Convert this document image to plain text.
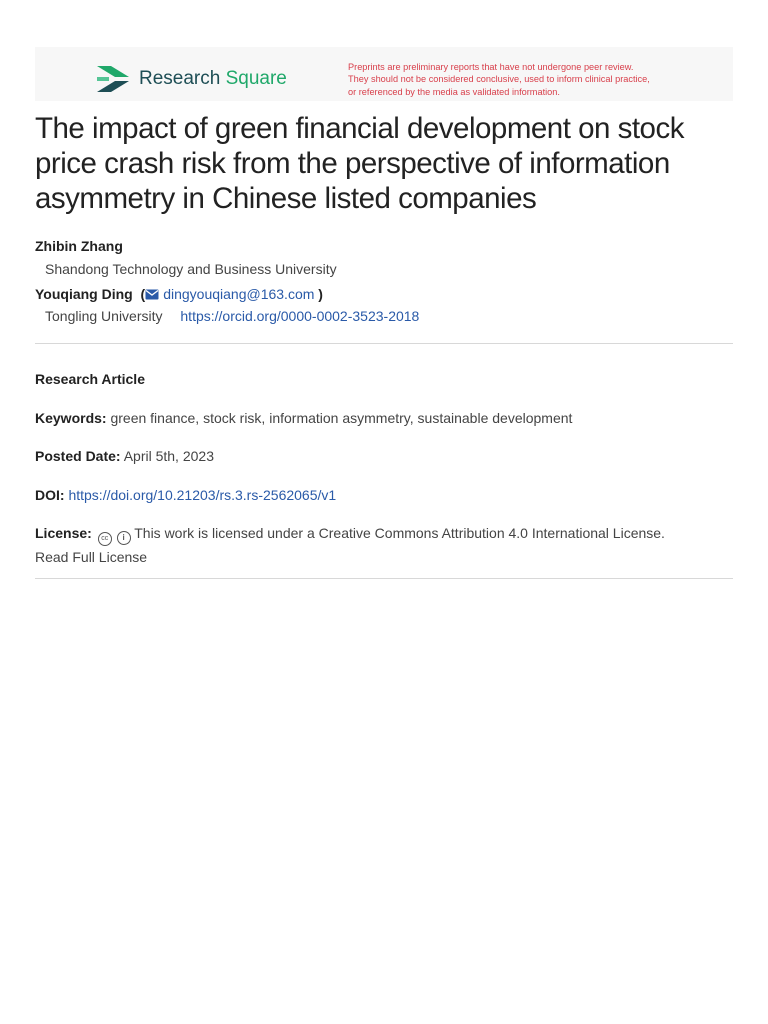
Research Square
Preprints are preliminary reports that have not undergone peer review.
They should not be considered conclusive, used to inform clinical practice,
or referenced by the media as validated information.
The impact of green financial development on stock price crash risk from the perspective of information asymmetry in Chinese listed companies
Zhibin Zhang
Shandong Technology and Business University
Youqiang Ding ( dingyouqiang@163.com )
Tongling University https://orcid.org/0000-0002-3523-2018
Research Article
Keywords: green finance, stock risk, information asymmetry, sustainable development
Posted Date: April 5th, 2023
DOI: https://doi.org/10.21203/rs.3.rs-2562065/v1
License: cc i This work is licensed under a Creative Commons Attribution 4.0 International License.
Read Full License
